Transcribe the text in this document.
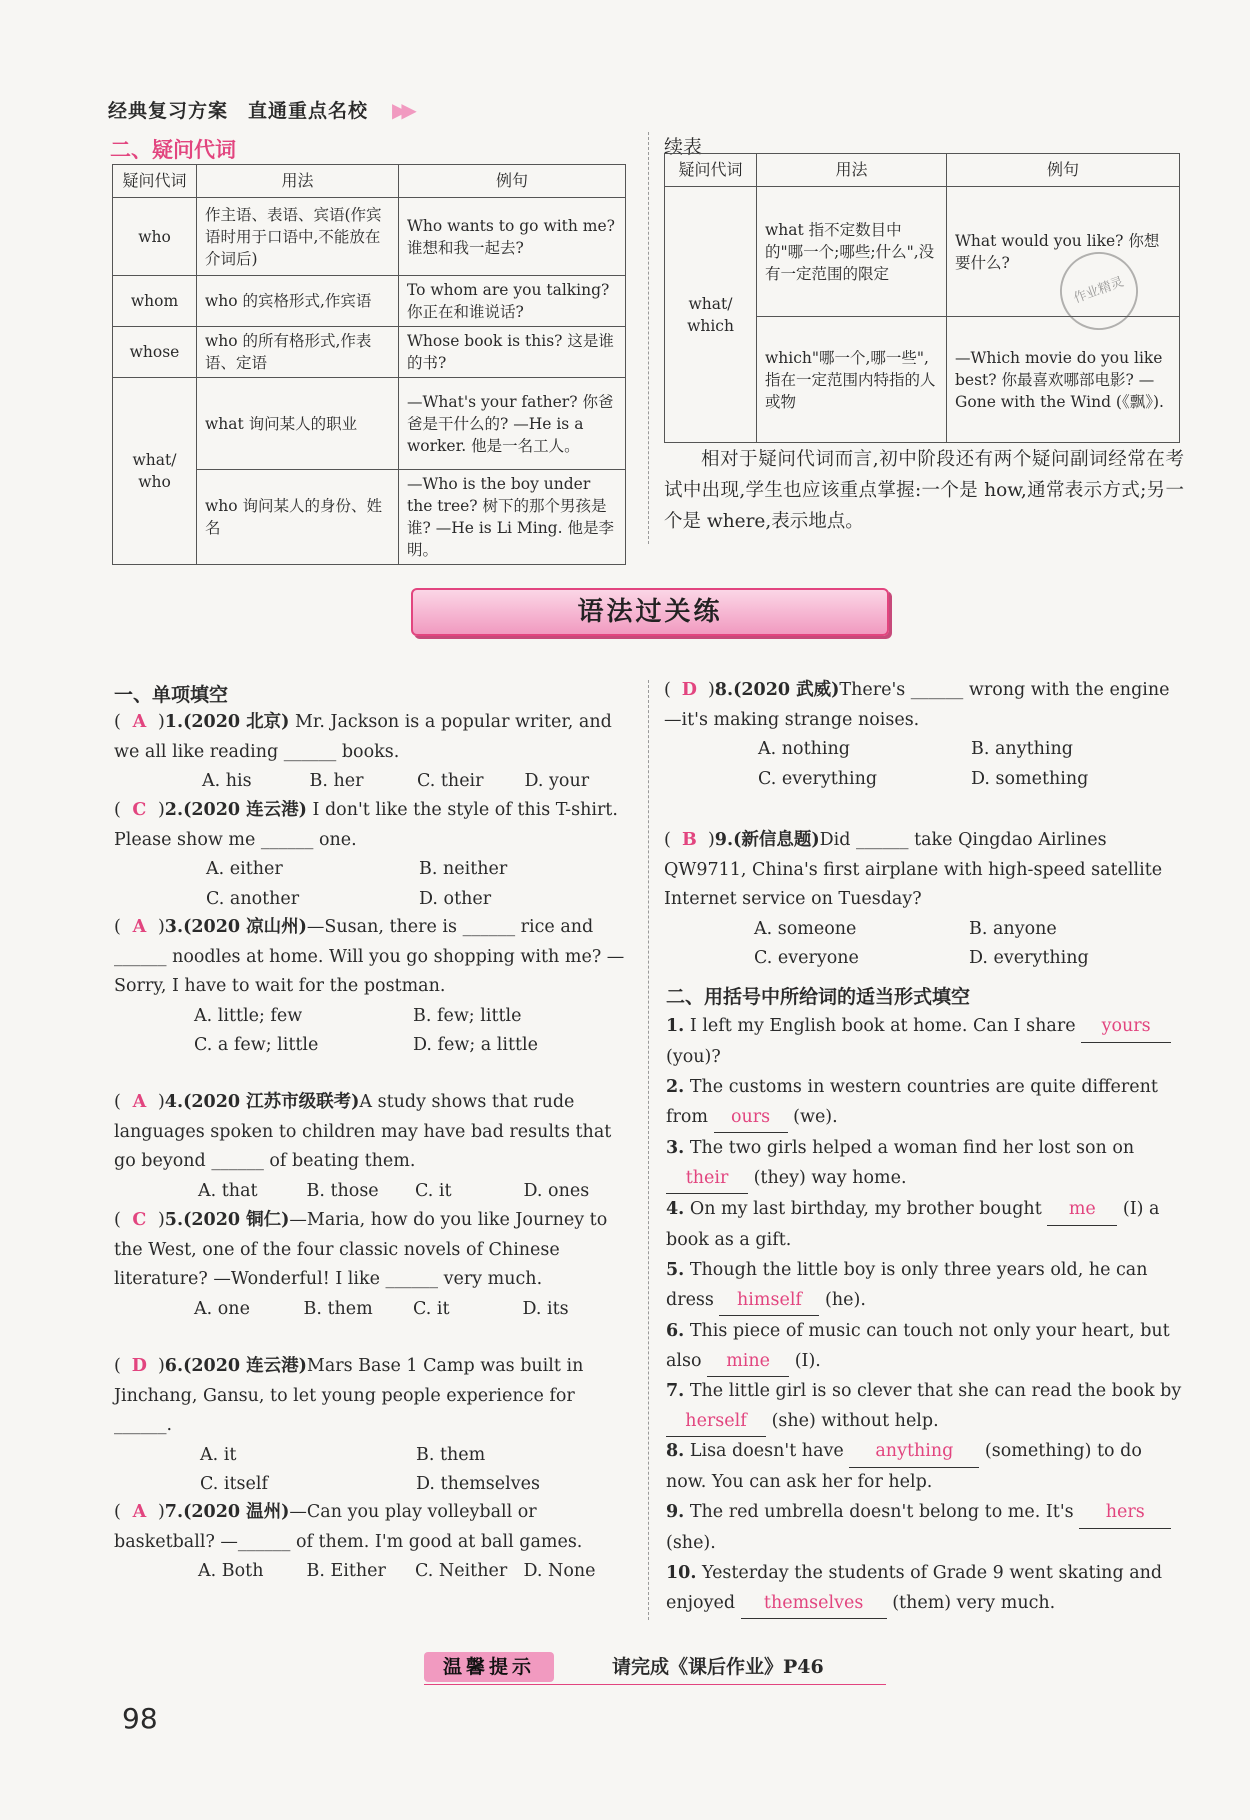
经典复习方案　直通重点名校 ▶▶
二、疑问代词
疑问代词	用法	例句
who	作主语、表语、宾语(作宾语时用于口语中,不能放在介词后)	Who wants to go with me? 谁想和我一起去?
whom	who 的宾格形式,作宾语	To whom are you talking? 你正在和谁说话?
whose	who 的所有格形式,作表语、定语	Whose book is this? 这是谁的书?
what/ who	what 询问某人的职业	—What's your father? 你爸爸是干什么的? —He is a worker. 他是一名工人。
	who 询问某人的身份、姓名	—Who is the boy under the tree? 树下的那个男孩是谁? —He is Li Ming. 他是李明。
续表
疑问代词	用法	例句
what/ which	what 指不定数目中的"哪一个;哪些;什么",没有一定范围的限定	What would you like? 你想要什么?
	which"哪一个,哪一些",指在一定范围内特指的人或物	—Which movie do you like best? 你最喜欢哪部电影? —Gone with the Wind (《飘》).
作业精灵
相对于疑问代词而言,初中阶段还有两个疑问副词经常在考试中出现,学生也应该重点掌握:一个是 how,通常表示方式;另一个是 where,表示地点。
语法过关练
一、单项填空
( A )1.(2020 北京) Mr. Jackson is a popular writer, and we all like reading ______ books.
A. his	B. her	C. their	D. your
( C )2.(2020 连云港) I don't like the style of this T-shirt. Please show me ______ one.
A. either	B. neither
C. another	D. other
( A )3.(2020 凉山州)—Susan, there is ______ rice and ______ noodles at home. Will you go shopping with me? —Sorry, I have to wait for the postman.
A. little; few	B. few; little
C. a few; little	D. few; a little
( A )4.(2020 江苏市级联考)A study shows that rude languages spoken to children may have bad results that go beyond ______ of beating them.
A. that	B. those	C. it	D. ones
( C )5.(2020 铜仁)—Maria, how do you like Journey to the West, one of the four classic novels of Chinese literature? —Wonderful! I like ______ very much.
A. one	B. them	C. it	D. its
( D )6.(2020 连云港)Mars Base 1 Camp was built in Jinchang, Gansu, to let young people experience for ______.
A. it	B. them
C. itself	D. themselves
( A )7.(2020 温州)—Can you play volleyball or basketball? —______ of them. I'm good at ball games.
A. Both	B. Either	C. Neither D. None
( D )8.(2020 武威)There's ______ wrong with the engine —it's making strange noises.
A. nothing	B. anything
C. everything	D. something
( B )9.(新信息题)Did ______ take Qingdao Airlines QW9711, China's first airplane with high-speed satellite Internet service on Tuesday?
A. someone	B. anyone
C. everyone	D. everything
二、用括号中所给词的适当形式填空
1. I left my English book at home. Can I share yours (you)?
2. The customs in western countries are quite different from ours (we).
3. The two girls helped a woman find her lost son on their (they) way home.
4. On my last birthday, my brother bought me (I) a book as a gift.
5. Though the little boy is only three years old, he can dress himself (he).
6. This piece of music can touch not only your heart, but also mine (I).
7. The little girl is so clever that she can read the book by herself (she) without help.
8. Lisa doesn't have anything (something) to do now. You can ask her for help.
9. The red umbrella doesn't belong to me. It's hers (she).
10. Yesterday the students of Grade 9 went skating and enjoyed themselves (them) very much.
温馨提示	请完成《课后作业》P46
98
